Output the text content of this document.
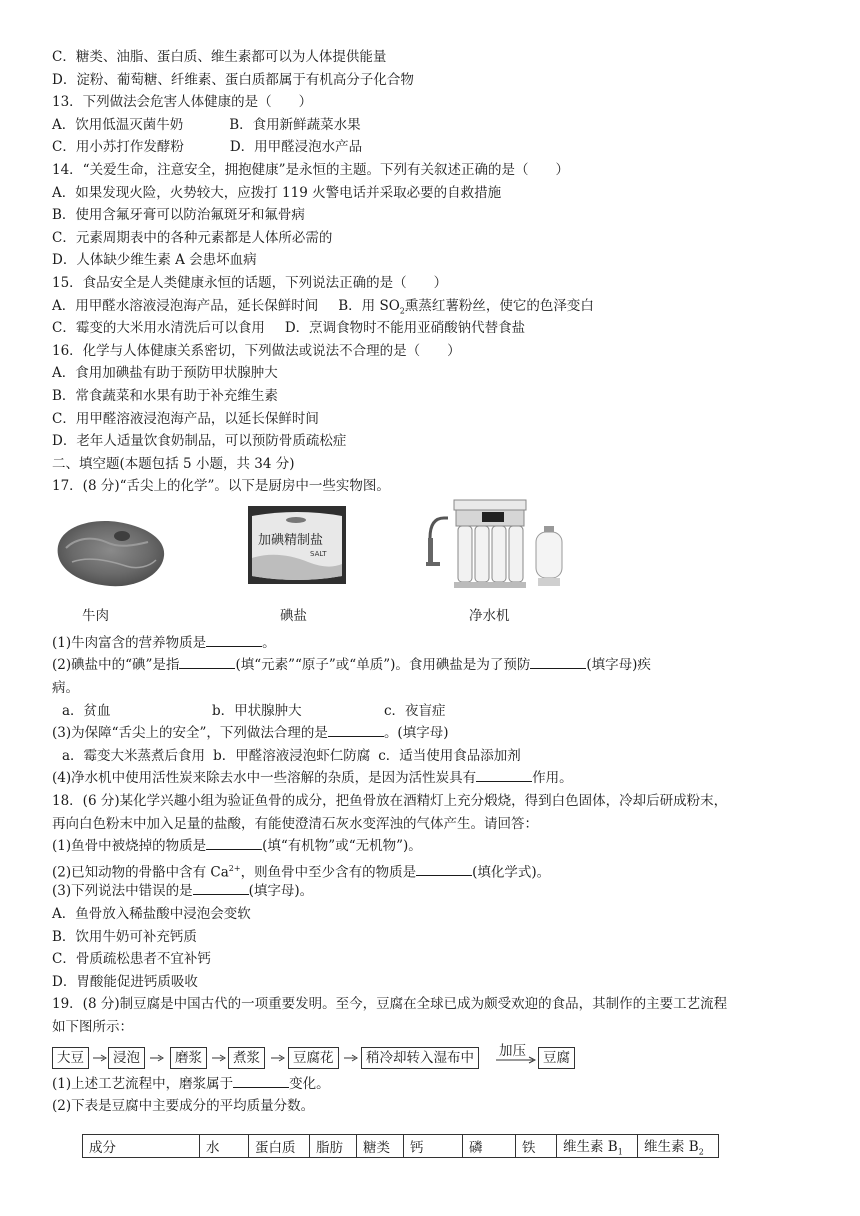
C．糖类、油脂、蛋白质、维生素都可以为人体提供能量
D．淀粉、葡萄糖、纤维素、蛋白质都属于有机高分子化合物
13．下列做法会危害人体健康的是（　　）
A．饮用低温灭菌牛奶	B．食用新鲜蔬菜水果
C．用小苏打作发酵粉	D．用甲醛浸泡水产品
14．“关爱生命，注意安全，拥抱健康”是永恒的主题。下列有关叙述正确的是（　　）
A．如果发现火险，火势较大，应拨打 119 火警电话并采取必要的自救措施
B．使用含氟牙膏可以防治氟斑牙和氟骨病
C．元素周期表中的各种元素都是人体所必需的
D．人体缺少维生素 A 会患坏血病
15．食品安全是人类健康永恒的话题，下列说法正确的是（　　）
A．用甲醛水溶液浸泡海产品，延长保鲜时间 B．用 $SO_2$熏蒸红薯粉丝，使它的色泽变白
C．霉变的大米用水清洗后可以食用 D．烹调食物时不能用亚硝酸钠代替食盐
16．化学与人体健康关系密切，下列做法或说法不合理的是（　　）
A．食用加碘盐有助于预防甲状腺肿大
B．常食蔬菜和水果有助于补充维生素
C．用甲醛溶液浸泡海产品，以延长保鲜时间
D．老年人适量饮食奶制品，可以预防骨质疏松症
二、填空题(本题包括 5 小题，共 34 分)
17．(8 分)“舌尖上的化学”。以下是厨房中一些实物图。
加碘精制盐
SALT
牛肉	碘盐	净水机
(1)牛肉富含的营养物质是	。
(2)碘盐中的“碘”是指	(填“元素”“原子”或“单质”)。食用碘盐是为了预防	(填字母)疾
病。
a．贫血	b．甲状腺肿大	c．夜盲症
(3)为保障“舌尖上的安全”，下列做法合理的是	。(填字母)
a．霉变大米蒸煮后食用 b．甲醛溶液浸泡虾仁防腐 c．适当使用食品添加剂
(4)净水机中使用活性炭来除去水中一些溶解的杂质，是因为活性炭具有	作用。
18．(6 分)某化学兴趣小组为验证鱼骨的成分，把鱼骨放在酒精灯上充分煅烧，得到白色固体，冷却后研成粉末，
再向白色粉末中加入足量的盐酸，有能使澄清石灰水变浑浊的气体产生。请回答：
(1)鱼骨中被烧掉的物质是	(填“有机物”或“无机物”)。
(2)已知动物的骨骼中含有 $Ca^{2+}$，则鱼骨中至少含有的物质是	(填化学式)。
(3)下列说法中错误的是	(填字母)。
A．鱼骨放入稀盐酸中浸泡会变软
B．饮用牛奶可补充钙质
C．骨质疏松患者不宜补钙
D．胃酸能促进钙质吸收
19．(8 分)制豆腐是中国古代的一项重要发明。至今，豆腐在全球已成为颇受欢迎的食品，其制作的主要工艺流程
如下图所示：
大豆	浸泡	磨浆	煮浆	豆腐花	稍冷却转入湿布中	加压	豆腐
(1)上述工艺流程中，磨浆属于	变化。
(2)下表是豆腐中主要成分的平均质量分数。
成分	水	蛋白质	脂肪	糖类	钙	磷	铁	维生素 $B_1$	维生素 $B_2$
